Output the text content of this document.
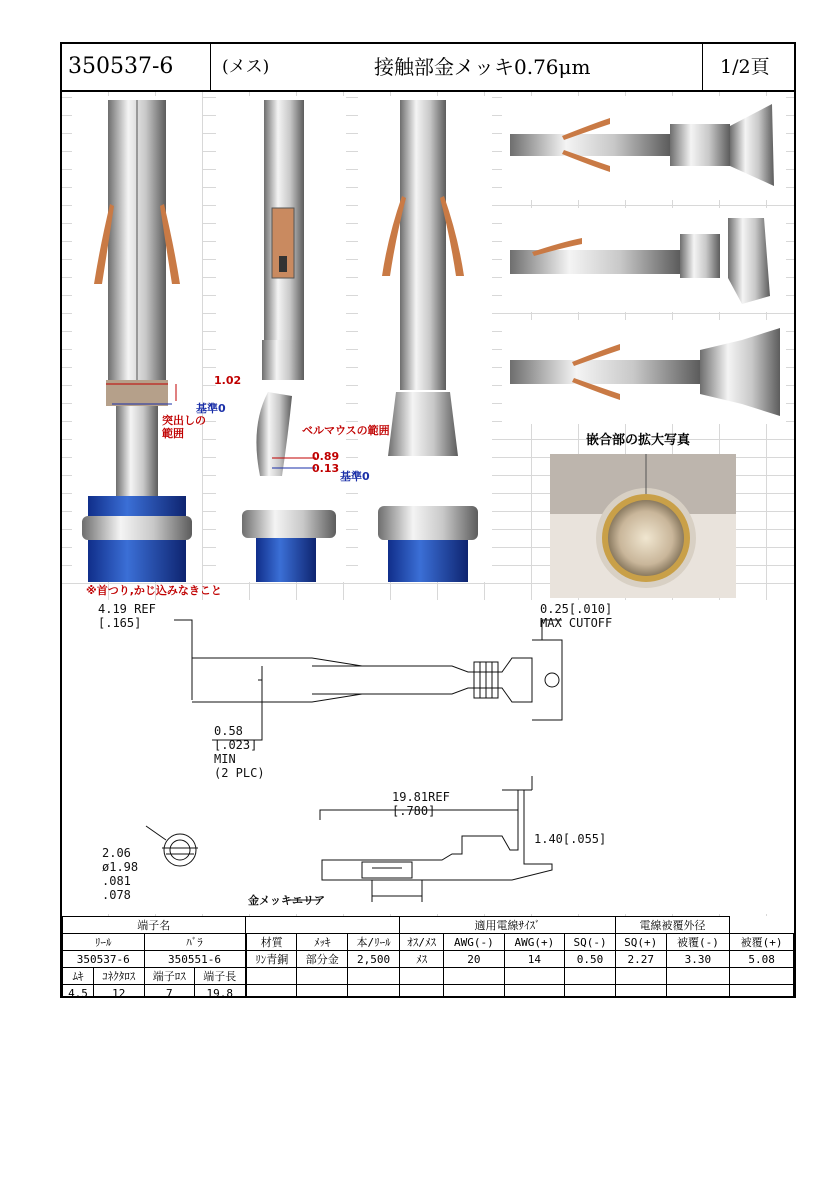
350537-6	(メス)	接触部金メッキ0.76μm	1/2頁
嵌合部の拡大写真
1.02
基準0
突出しの
範囲	ベルマウスの範囲
0.89
0.13
基準0
※首つり,かじ込みなきこと
4.19 REF
[.165]
0.25[.010]
MAX CUTOFF
0.58
[.023]
MIN
(2 PLC)
19.81REF
[.780]
1.40[.055]
2.06
ø1.98
.081
.078	金メッキエリア
端子名							適用電線ｻｲｽﾞ				電線被覆外径		
ﾘｰﾙ		ﾊﾞﾗ		材質	ﾒｯｷ	本/ﾘｰﾙ	ｵｽ/ﾒｽ	AWG(-)	AWG(+)	SQ(-)	SQ(+)	被覆(-)	被覆(+)
350537-6		350551-6		ﾘﾝ青銅	部分金	2,500	ﾒｽ	20	14	0.50	2.27	3.30	5.08
ﾑｷ	ｺﾈｸﾀﾛｽ	端子ﾛｽ	端子長											
4.5	12	7	19.8											
